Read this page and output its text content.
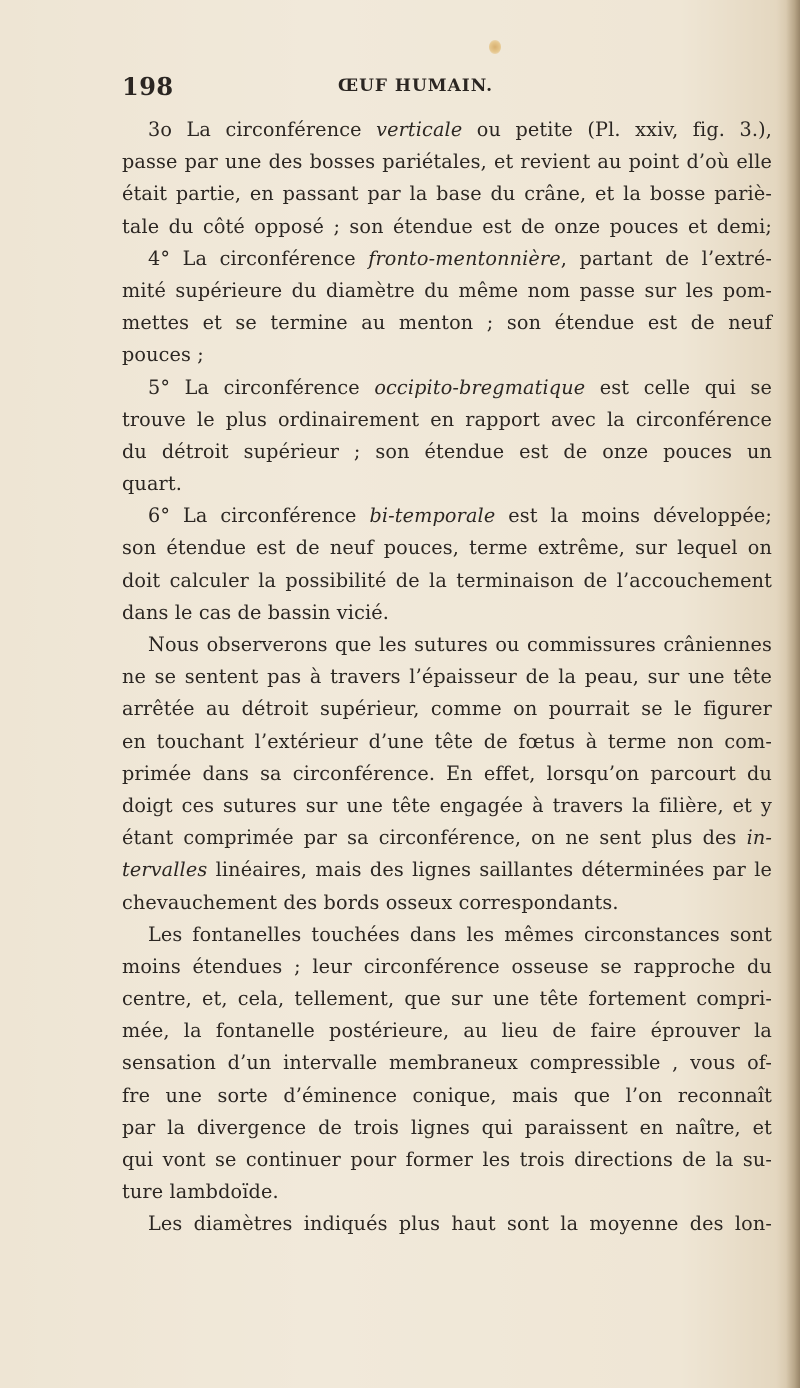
198	ŒUF HUMAIN.
3o La circonférence verticale ou petite (Pl. xxiv, fig. 3.),
passe par une des bosses pariétales, et revient au point d’où elle
était partie, en passant par la base du crâne, et la bosse pariè-
tale du côté opposé ; son étendue est de onze pouces et demi;
4° La circonférence fronto-mentonnière, partant de l’extré-
mité supérieure du diamètre du même nom passe sur les pom-
mettes et se termine au menton ; son étendue est de neuf
pouces ;
5° La circonférence occipito-bregmatique est celle qui se
trouve le plus ordinairement en rapport avec la circonférence
du détroit supérieur ; son étendue est de onze pouces un
quart.
6° La circonférence bi-temporale est la moins développée;
son étendue est de neuf pouces, terme extrême, sur lequel on
doit calculer la possibilité de la terminaison de l’accouchement
dans le cas de bassin vicié.
Nous observerons que les sutures ou commissures crâniennes
ne se sentent pas à travers l’épaisseur de la peau, sur une tête
arrêtée au détroit supérieur, comme on pourrait se le figurer
en touchant l’extérieur d’une tête de fœtus à terme non com-
primée dans sa circonférence. En effet, lorsqu’on parcourt du
doigt ces sutures sur une tête engagée à travers la filière, et y
étant comprimée par sa circonférence, on ne sent plus des in-
tervalles linéaires, mais des lignes saillantes déterminées par le
chevauchement des bords osseux correspondants.
Les fontanelles touchées dans les mêmes circonstances sont
moins étendues ; leur circonférence osseuse se rapproche du
centre, et, cela, tellement, que sur une tête fortement compri-
mée, la fontanelle postérieure, au lieu de faire éprouver la
sensation d’un intervalle membraneux compressible , vous of-
fre une sorte d’éminence conique, mais que l’on reconnaît
par la divergence de trois lignes qui paraissent en naître, et
qui vont se continuer pour former les trois directions de la su-
ture lambdoïde.
Les diamètres indiqués plus haut sont la moyenne des lon-
